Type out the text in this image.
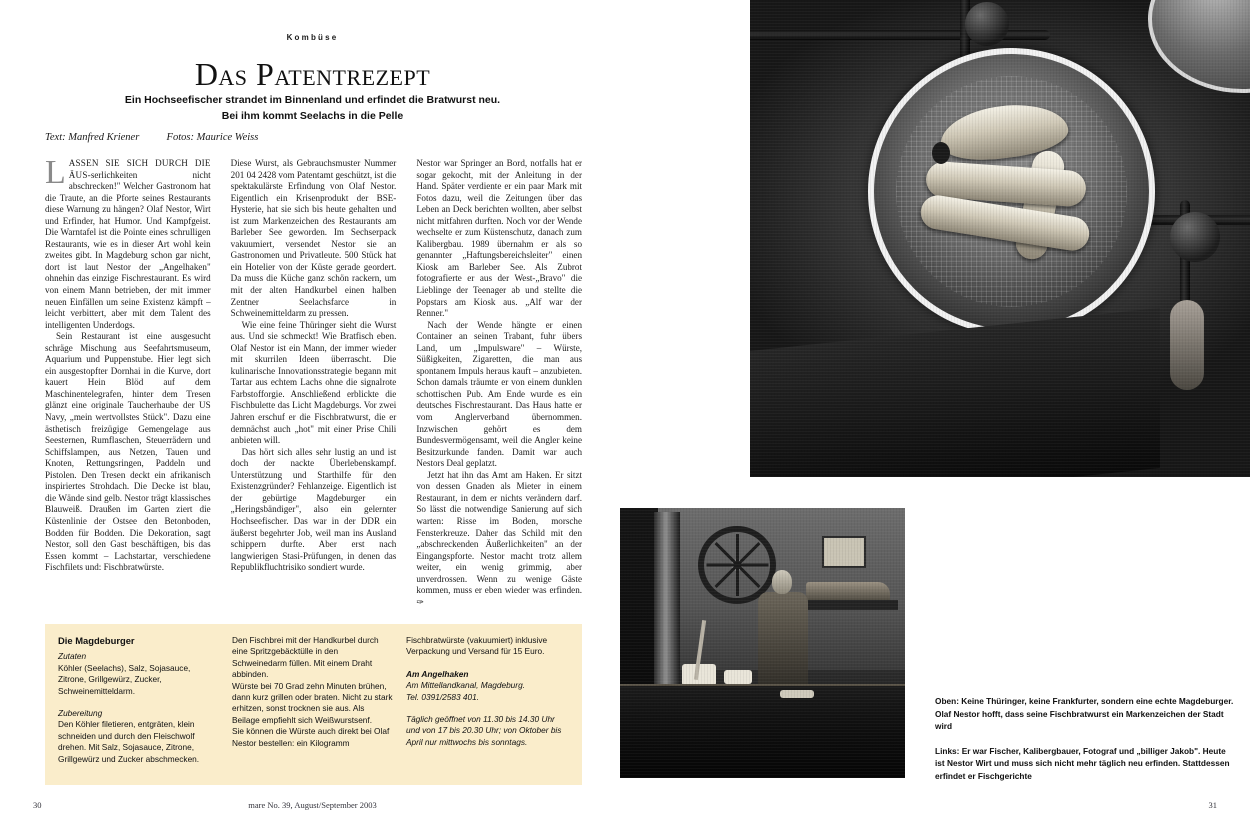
Kombüse
Das Patentrezept
Ein Hochseefischer strandet im Binnenland und erfindet die Bratwurst neu.
Bei ihm kommt Seelachs in die Pelle
Text: Manfred Kriener	Fotos: Maurice Weiss

LASSEN SIE SICH DURCH DIE ÄUS-serlichkeiten nicht abschrecken!" Welcher Gastronom hat die Traute, an die Pforte seines Restaurants diese Warnung zu hängen? Olaf Nestor, Wirt und Erfinder, hat Humor. Und Kampfgeist. Die Warntafel ist die Pointe eines schrulligen Restaurants, wie es in dieser Art wohl kein zweites gibt. In Magdeburg schon gar nicht, dort ist laut Nestor der „Angelhaken" ohnehin das einzige Fischrestaurant. Es wird von einem Mann betrieben, der mit immer neuen Einfällen um seine Existenz kämpft – leicht verbittert, aber mit dem Talent des intelligenten Underdogs.

Sein Restaurant ist eine ausgesucht schräge Mischung aus Seefahrtsmuseum, Aquarium und Puppenstube. Hier legt sich ein ausgestopfter Dornhai in die Kurve, dort kauert Hein Blöd auf dem Maschinentelegrafen, hinter dem Tresen glänzt eine originale Taucherhaube der US Navy, „mein wertvollstes Stück". Dazu eine ästhetisch freizügige Gemengelage aus Seesternen, Rumflaschen, Steuerrädern und Schiffslampen, aus Netzen, Tauen und Knoten, Rettungsringen, Paddeln und Pistolen. Den Tresen deckt ein afrikanisch inspiriertes Strohdach. Die Decke ist blau, die Wände sind gelb. Nestor trägt klassisches Blauweiß. Draußen im Garten ziert die Küstenlinie der Ostsee den Betonboden, Bodden für Bodden. Die Dekoration, sagt Nestor, soll den Gast beschäftigen, bis das Essen kommt – Lachstartar, verschiedene Fischfilets und: Fischbratwürste.

Diese Wurst, als Gebrauchsmuster Nummer 201 04 2428 vom Patentamt geschützt, ist die spektakulärste Erfindung von Olaf Nestor. Eigentlich ein Krisenprodukt der BSE-Hysterie, hat sie sich bis heute gehalten und ist zum Markenzeichen des Restaurants am Barleber See geworden. Im Sechserpack vakuumiert, versendet Nestor sie an Gastronomen und Privatleute. 500 Stück hat ein Hotelier von der Küste gerade geordert. Da muss die Küche ganz schön rackern, um mit der alten Handkurbel einen halben Zentner Seelachsfarce in Schweinemitteldarm zu pressen.

Wie eine feine Thüringer sieht die Wurst aus. Und sie schmeckt! Wie Bratfisch eben. Olaf Nestor ist ein Mann, der immer wieder mit skurrilen Ideen überrascht. Die kulinarische Innovationsstrategie begann mit Tartar aus echtem Lachs ohne die signalrote Farbstofforgie. Anschließend erblickte die Fischbulette das Licht Magdeburgs. Vor zwei Jahren erschuf er die Fischbratwurst, die er demnächst auch „hot" mit einer Prise Chili anbieten will.

Das hört sich alles sehr lustig an und ist doch der nackte Überlebenskampf. Unterstützung und Starthilfe für den Existenzgründer? Fehlanzeige. Eigentlich ist der gebürtige Magdeburger ein „Heringsbändiger", also ein gelernter Hochseefischer. Das war in der DDR ein äußerst begehrter Job, weil man ins Ausland schippern durfte. Aber erst nach langwierigen Stasi-Prüfungen, in denen das Republikfluchtrisiko sondiert wurde.

Nestor war Springer an Bord, notfalls hat er sogar gekocht, mit der Anleitung in der Hand. Später verdiente er ein paar Mark mit Fotos dazu, weil die Zeitungen über das Leben an Deck berichten wollten, aber selbst nicht mitfahren durften. Noch vor der Wende wechselte er zum Küstenschutz, danach zum Kalibergbau. 1989 übernahm er als so genannter „Haftungsbereichsleiter" einen Kiosk am Barleber See. Als Zubrot fotografierte er aus der West-„Bravo" die Lieblinge der Teenager ab und stellte die Popstars am Kiosk aus. „Alf war der Renner."

Nach der Wende hängte er einen Container an seinen Trabant, fuhr übers Land, um „Impulsware" – Würste, Süßigkeiten, Zigaretten, die man aus spontanem Impuls heraus kauft – anzubieten. Schon damals träumte er von einem dunklen schottischen Pub. Am Ende wurde es ein deutsches Fischrestaurant. Das Haus hatte er vom Anglerverband übernommen. Inzwischen gehört es dem Bundesvermögensamt, weil die Angler keine Besitzurkunde fanden. Damit war auch Nestors Deal geplatzt.

Jetzt hat ihn das Amt am Haken. Er sitzt von dessen Gnaden als Mieter in einem Restaurant, in dem er nichts verändern darf. So lässt die notwendige Sanierung auf sich warten: Risse im Boden, morsche Fensterkreuze. Daher das Schild mit den „abschreckenden Äußerlichkeiten" an der Eingangspforte. Nestor macht trotz allem weiter, ein wenig grimmig, aber unverdrossen. Wenn zu wenige Gäste kommen, muss er eben wieder was erfinden. ✑

Die Magdeburger
Zutaten
Köhler (Seelachs), Salz, Sojasauce, Zitrone, Grillgewürz, Zucker, Schweinemitteldarm.
Zubereitung
Den Köhler filetieren, entgräten, klein schneiden und durch den Fleischwolf drehen. Mit Salz, Sojasauce, Zitrone, Grillgewürz und Zucker abschmecken.
Den Fischbrei mit der Handkurbel durch eine Spritzgebäcktülle in den Schweinedarm füllen. Mit einem Draht abbinden.
Würste bei 70 Grad zehn Minuten brühen, dann kurz grillen oder braten. Nicht zu stark erhitzen, sonst trocknen sie aus. Als Beilage empfiehlt sich Weißwurstsenf.
Sie können die Würste auch direkt bei Olaf Nestor bestellen: ein Kilogramm
Fischbratwürste (vakuumiert) inklusive Verpackung und Versand für 15 Euro.
Am Angelhaken
Am Mittellandkanal, Magdeburg.
Tel. 0391/2583 401.
Täglich geöffnet von 11.30 bis 14.30 Uhr und von 17 bis 20.30 Uhr; von Oktober bis April nur mittwochs bis sonntags.
30	mare No. 39, August/September 2003
Oben: Keine Thüringer, keine Frankfurter, sondern eine echte Magdeburger. Olaf Nestor hofft, dass seine Fischbratwurst ein Markenzeichen der Stadt wird
Links: Er war Fischer, Kalibergbauer, Fotograf und „billiger Jakob". Heute ist Nestor Wirt und muss sich nicht mehr täglich neu erfinden. Stattdessen erfindet er Fischgerichte
31
